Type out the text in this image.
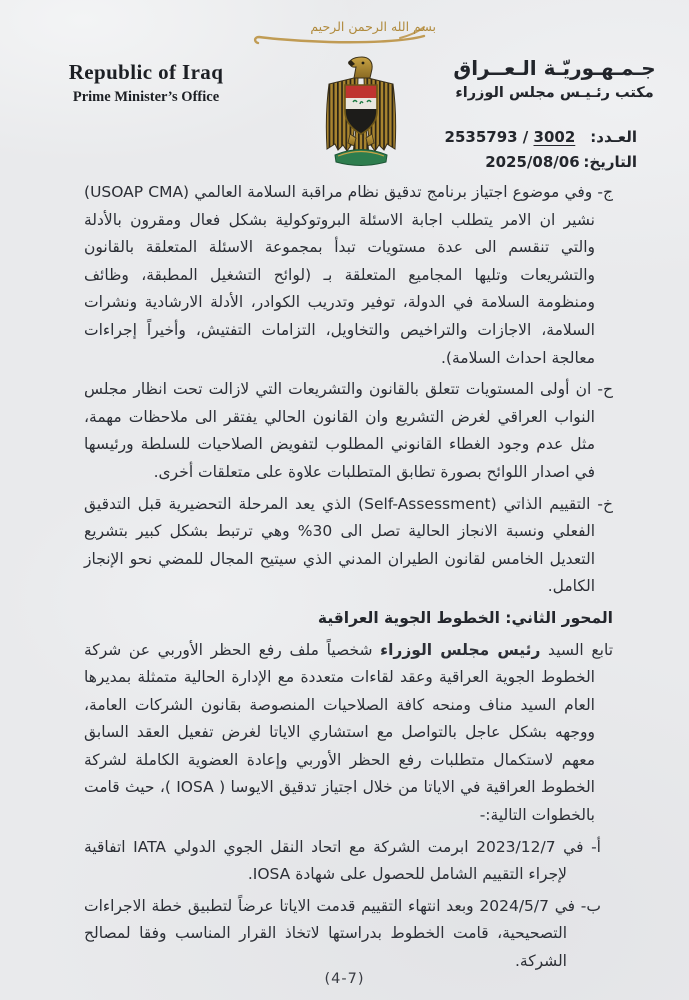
بسم الله الرحمن الرحيم
Republic of Iraq
Prime Minister’s Office
جـمـهـوريّـة الـعــراق
مكتب رئـيـس مجلس الوزراء
العـدد: 2535793 / 3002
التاريخ: 2025/08/06

ج- وفي موضوع اجتياز برنامج تدقيق نظام مراقبة السلامة العالمي (USOAP CMA) نشير ان الامر يتطلب اجابة الاسئلة البروتوكولية بشكل فعال ومقرون بالأدلة والتي تنقسم الى عدة مستويات تبدأ بمجموعة الاسئلة المتعلقة بالقانون والتشريعات وتليها المجاميع المتعلقة بـ (لوائح التشغيل المطبقة، وظائف ومنظومة السلامة في الدولة، توفير وتدريب الكوادر، الأدلة الارشادية ونشرات السلامة، الاجازات والتراخيص والتخاويل، التزامات التفتيش، وأخيراً إجراءات معالجة احداث السلامة).

ح- ان أولى المستويات تتعلق بالقانون والتشريعات التي لازالت تحت انظار مجلس النواب العراقي لغرض التشريع وان القانون الحالي يفتقر الى ملاحظات مهمة، مثل عدم وجود الغطاء القانوني المطلوب لتفويض الصلاحيات للسلطة ورئيسها في اصدار اللوائح بصورة تطابق المتطلبات علاوة على متعلقات أخرى.

خ- التقييم الذاتي (Self-Assessment) الذي يعد المرحلة التحضيرية قبل التدقيق الفعلي ونسبة الانجاز الحالية تصل الى 30% وهي ترتبط بشكل كبير بتشريع التعديل الخامس لقانون الطيران المدني الذي سيتيح المجال للمضي نحو الإنجاز الكامل.

المحور الثاني: الخطوط الجوية العراقية

تابع السيد رئيس مجلس الوزراء شخصياً ملف رفع الحظر الأوربي عن شركة الخطوط الجوية العراقية وعقد لقاءات متعددة مع الإدارة الحالية متمثلة بمديرها العام السيد مناف ومنحه كافة الصلاحيات المنصوصة بقانون الشركات العامة، ووجهه بشكل عاجل بالتواصل مع استشاري الاياتا لغرض تفعيل العقد السابق معهم لاستكمال متطلبات رفع الحظر الأوربي وإعادة العضوية الكاملة لشركة الخطوط العراقية في الاياتا من خلال اجتياز تدقيق الايوسا ( IOSA )، حيث قامت بالخطوات التالية:-

أ- في 2023/12/7 ابرمت الشركة مع اتحاد النقل الجوي الدولي IATA اتفاقية لإجراء التقييم الشامل للحصول على شهادة IOSA.

ب- في 2024/5/7 وبعد انتهاء التقييم قدمت الاياتا عرضاً لتطبيق خطة الاجراءات التصحيحية، قامت الخطوط بدراستها لاتخاذ القرار المناسب وفقا لمصالح الشركة.

(4-7)
